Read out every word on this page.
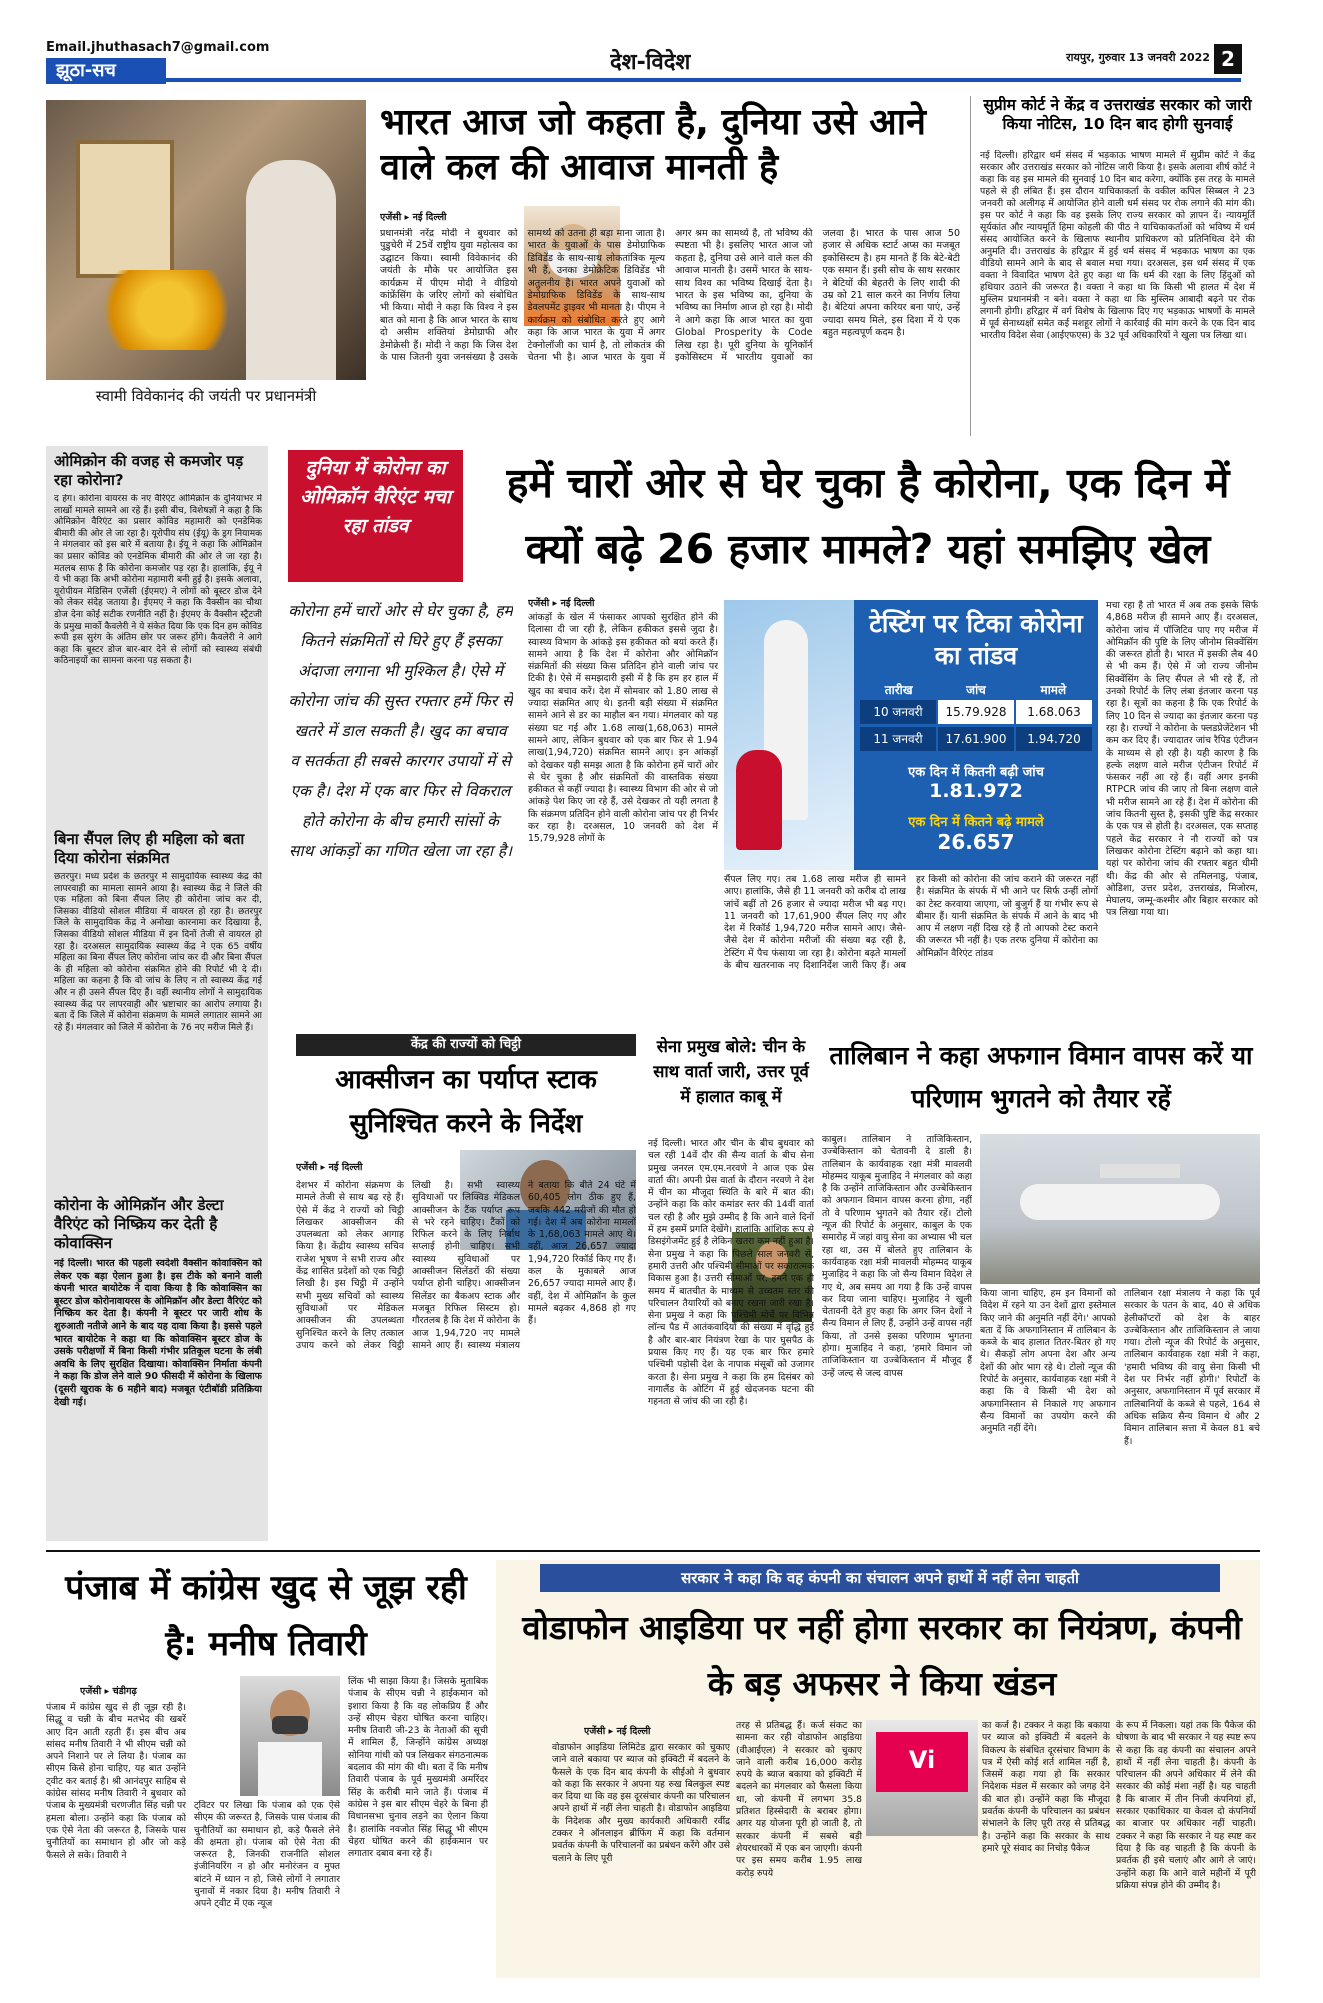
Email.jhuthasach7@gmail.com
झूठा-सच	देश-विदेश	रायपुर, गुरुवार 13 जनवरी 2022 2
स्वामी विवेकानंद की जयंती पर प्रधानमंत्री
भारत आज जो कहता है, दुनिया उसे आने वाले कल की आवाज मानती है
एजेंसी ▸ नई दिल्ली
प्रधानमंत्री नरेंद्र मोदी ने बुधवार को पुडुचेरी में 25वें राष्ट्रीय युवा महोत्सव का उद्घाटन किया। स्वामी विवेकानंद की जयंती के मौके पर आयोजित इस कार्यक्रम में पीएम मोदी ने वीडियो कांफ्रेंसिंग के जरिए लोगों को संबोधित भी किया। मोदी ने कहा कि विश्व ने इस बात को माना है कि आज भारत के साथ दो असीम शक्तियां डेमोग्राफी और डेमोक्रेसी हैं। मोदी ने कहा कि जिस देश के पास जितनी युवा जनसंख्या है उसके सामर्थ्य को उतना ही बड़ा माना जाता है। भारत के युवाओं के पास डेमोग्राफिक डिविडेंड के साथ-साथ लोकतांत्रिक मूल्य भी हैं, उनका डेमोक्रेटिक डिविडेंड भी अतुलनीय है। भारत अपने युवाओं को डेमोग्राफिक डिविडेंड के साथ-साथ डेवलपमेंट ड्राइवर भी मानता है। पीएम ने कार्यक्रम को संबोधित करते हुए आगे कहा कि आज भारत के युवा में अगर टेक्नोलॉजी का चार्म है, तो लोकतंत्र की चेतना भी है। आज भारत के युवा में अगर श्रम का सामर्थ्य है, तो भविष्य की स्पष्टता भी है। इसलिए भारत आज जो कहता है, दुनिया उसे आने वाले कल की आवाज मानती है। उसमें भारत के साथ-साथ विश्व का भविष्य दिखाई देता है। भारत के इस भविष्य का, दुनिया के भविष्य का निर्माण आज हो रहा है। मोदी ने आगे कहा कि आज भारत का युवा Global Prosperity के Code लिख रहा है। पूरी दुनिया के यूनिकॉर्न इकोसिस्टम में भारतीय युवाओं का जलवा है। भारत के पास आज 50 हजार से अधिक स्टार्ट अप्स का मजबूत इकोसिस्टम है। हम मानते हैं कि बेटे-बेटी एक समान हैं। इसी सोच के साथ सरकार ने बेटियों की बेहतरी के लिए शादी की उम्र को 21 साल करने का निर्णय लिया है। बेटियां अपना करियर बना पाएं, उन्हें ज्यादा समय मिले, इस दिशा में ये एक बहुत महत्वपूर्ण कदम है।
सुप्रीम कोर्ट ने केंद्र व उत्तराखंड सरकार को जारी किया नोटिस, 10 दिन बाद होगी सुनवाई
नई दिल्ली। हरिद्वार धर्म संसद में भड़काऊ भाषण मामले में सुप्रीम कोर्ट ने केंद्र सरकार और उत्तराखंड सरकार को नोटिस जारी किया है। इसके अलावा शीर्ष कोर्ट ने कहा कि वह इस मामले की सुनवाई 10 दिन बाद करेगा, क्योंकि इस तरह के मामले पहले से ही लंबित हैं। इस दौरान याचिकाकर्ता के वकील कपिल सिब्बल ने 23 जनवरी को अलीगढ़ में आयोजित होने वाली धर्म संसद पर रोक लगाने की मांग की। इस पर कोर्ट ने कहा कि वह इसके लिए राज्य सरकार को ज्ञापन दें। न्यायमूर्ति सूर्यकांत और न्यायमूर्ति हिमा कोहली की पीठ ने याचिकाकर्ताओं को भविष्य में धर्म संसद आयोजित करने के खिलाफ स्थानीय प्राधिकरण को प्रतिनिधित्व देने की अनुमति दी। उत्तराखंड के हरिद्वार में हुई धर्म संसद में भड़काऊ भाषण का एक वीडियो सामने आने के बाद से बवाल मचा गया। दरअसल, इस धर्म संसद में एक वक्ता ने विवादित भाषण देते हुए कहा था कि धर्म की रक्षा के लिए हिंदुओं को हथियार उठाने की जरूरत है। वक्ता ने कहा था कि किसी भी हालत में देश में मुस्लिम प्रधानमंत्री न बने। वक्ता ने कहा था कि मुस्लिम आबादी बढ़ने पर रोक लगानी होगी। हरिद्वार में वर्ग विशेष के खिलाफ दिए गए भड़काऊ भाषणों के मामले में पूर्व सेनाध्यक्षों समेत कई मशहूर लोगों ने कार्रवाई की मांग करने के एक दिन बाद भारतीय विदेश सेवा (आईएफएस) के 32 पूर्व अधिकारियों ने खुला पत्र लिखा था।
ओमिक्रोन की वजह से कमजोर पड़ रहा कोरोना?
द हेग। कोरोना वायरस के नए वैरिएंट ओमिक्रोन के दुनियाभर में लाखों मामले सामने आ रहे हैं। इसी बीच, विशेषज्ञों ने कहा है कि ओमिक्रोन वैरिएंट का प्रसार कोविड महामारी को एनडेमिक बीमारी की ओर ले जा रहा है। यूरोपीय संघ (ईयू) के ड्रग नियामक ने मंगलवार को इस बारे में बताया है। ईयू ने कहा कि ओमिक्रोन का प्रसार कोविड को एनडेमिक बीमारी की ओर ले जा रहा है। मतलब साफ है कि कोरोना कमजोर पड़ रहा है। हालांकि, ईयू ने ये भी कहा कि अभी कोरोना महामारी बनी हुई है। इसके अलावा, यूरोपीयन मेडिसिन एजेंसी (ईएमए) ने लोगों को बूस्टर डोज देने को लेकर संदेह जताया है। ईएमए ने कहा कि वैक्सीन का चौथा डोज देना कोई सटीक रणनीति नहीं है। ईएमए के वैक्सीन स्ट्रैटजी के प्रमुख मार्को कैवलेरी ने ये संकेत दिया कि एक दिन हम कोविड रूपी इस सुरंग के अंतिम छोर पर जरूर होंगे। कैवलेरी ने आगे कहा कि बूस्टर डोज बार-बार देने से लोगों को स्वास्थ्य संबंधी कठिनाइयों का सामना करना पड़ सकता है।
बिना सैंपल लिए ही महिला को बता दिया कोरोना संक्रमित
छतरपुर। मध्य प्रदेश के छतरपुर में सामुदायिक स्वास्थ्य केंद्र की लापरवाही का मामला सामने आया है। स्वास्थ्य केंद्र ने जिले की एक महिला को बिना सैंपल लिए ही कोरोना जांच कर दी, जिसका वीडियो सोशल मीडिया में वायरल हो रहा है। छतरपुर जिले के सामुदायिक केंद्र ने अनोखा कारनामा कर दिखाया है, जिसका वीडियो सोशल मीडिया में इन दिनों तेजी से वायरल हो रहा है। दरअसल सामुदायिक स्वास्थ्य केंद्र ने एक 65 वर्षीय महिला का बिना सैंपल लिए कोरोना जांच कर दी और बिना सैंपल के ही महिला को कोरोना संक्रमित होने की रिपोर्ट भी दे दी। महिला का कहना है कि वो जांच के लिए न तो स्वास्थ्य केंद्र गई और न ही उसने सैंपल दिए हैं। वहीं स्थानीय लोगों ने सामुदायिक स्वास्थ्य केंद्र पर लापरवाही और भ्रष्टाचार का आरोप लगाया है। बता दें कि जिले में कोरोना संक्रमण के मामले लगातार सामने आ रहे हैं। मंगलवार को जिले में कोरोना के 76 नए मरीज मिले हैं।
कोरोना के ओमिक्रॉन और डेल्टा वैरिएंट को निष्क्रिय कर देती है कोवाक्सिन
नई दिल्ली। भारत की पहली स्वदेशी वैक्सीन कोवाक्सिन को लेकर एक बड़ा ऐलान हुआ है। इस टीके को बनाने वाली कंपनी भारत बायोटेक ने दावा किया है कि कोवाक्सिन का बूस्टर डोज कोरोनावायरस के ओमिक्रॉन और डेल्टा वैरिएंट को निष्क्रिय कर देता है। कंपनी ने बूस्टर पर जारी शोध के शुरुआती नतीजे आने के बाद यह दावा किया है। इससे पहले भारत बायोटेक ने कहा था कि कोवाक्सिन बूस्टर डोज के उसके परीक्षणों में बिना किसी गंभीर प्रतिकूल घटना के लंबी अवधि के लिए सुरक्षित दिखाया। कोवाक्सिन निर्माता कंपनी ने कहा कि डोज लेने वाले 90 फीसदी में कोरोना के खिलाफ (दूसरी खुराक के 6 महीने बाद) मजबूत एंटीबॉडी प्रतिक्रिया देखी गई।
दुनिया में कोरोना का ओमिक्रॉन वैरिएंट मचा रहा तांडव
हमें चारों ओर से घेर चुका है कोरोना, एक दिन में क्यों बढ़े 26 हजार मामले? यहां समझिए खेल
कोरोना हमें चारों ओर से घेर चुका है, हम कितने संक्रमितों से घिरे हुए हैं इसका अंदाजा लगाना भी मुश्किल है। ऐसे में कोरोना जांच की सुस्त रफ्तार हमें फिर से खतरे में डाल सकती है। खुद का बचाव व सतर्कता ही सबसे कारगर उपायों में से एक है। देश में एक बार फिर से विकराल होते कोरोना के बीच हमारी सांसों के साथ आंकड़ों का गणित खेला जा रहा है।
एजेंसी ▸ नई दिल्ली
आंकड़ों के खेल में फंसाकर आपको सुरक्षित होने की दिलासा दी जा रही है, लेकिन हकीकत इससे जुदा है। स्वास्थ्य विभाग के आंकड़े इस हकीकत को बयां करते हैं। सामने आया है कि देश में कोरोना और ओमिक्रॉन संक्रमितों की संख्या किस प्रतिदिन होने वाली जांच पर टिकी है। ऐसे में समझदारी इसी में है कि हम हर हाल में खुद का बचाव करें। देश में सोमवार को 1.80 लाख से ज्यादा संक्रमित आए थे। इतनी बड़ी संख्या में संक्रमित सामने आने से डर का माहौल बन गया। मंगलवार को यह संख्या घट गई और 1.68 लाख(1,68,063) मामले सामने आए, लेकिन बुधवार को एक बार फिर से 1.94 लाख(1,94,720) संक्रमित सामने आए। इन आंकड़ों को देखकर यही समझ आता है कि कोरोना हमें चारों ओर से घेर चुका है और संक्रमितों की वास्तविक संख्या हकीकत से कहीं ज्यादा है। स्वास्थ्य विभाग की ओर से जो आंकड़े पेश किए जा रहे हैं, उसे देखकर तो यही लगता है कि संक्रमण प्रतिदिन होने वाली कोरोना जांच पर ही निर्भर कर रहा है। दरअसल, 10 जनवरी को देश में 15,79,928 लोगों के
टेस्टिंग पर टिका कोरोना का तांडव
तारीख	जांच	मामले
10 जनवरी	15.79.928	1.68.063
11 जनवरी	17.61.900	1.94.720
एक दिन में कितनी बढ़ी जांच
1.81.972
एक दिन में कितने बढ़े मामले
26.657
सैंपल लिए गए। तब 1.68 लाख मरीज ही सामने आए। हालांकि, जैसे ही 11 जनवरी को करीब दो लाख जांचें बढ़ीं तो 26 हजार से ज्यादा मरीज भी बढ़ गए। 11 जनवरी को 17,61,900 सैंपल लिए गए और देश में रिकॉर्ड 1,94,720 मरीज सामने आए। जैसे-जैसे देश में कोरोना मरीजों की संख्या बढ़ रही है, टेस्टिंग में पैच फंसाया जा रहा है। कोरोना बढ़ते मामलों के बीच खतरनाक नए दिशानिर्देश जारी किए हैं। अब हर किसी को कोरोना की जांच कराने की जरूरत नहीं है। संक्रमित के संपर्क में भी आने पर सिर्फ उन्हीं लोगों का टेस्ट करवाया जाएगा, जो बुजुर्ग हैं या गंभीर रूप से बीमार हैं। यानी संक्रमित के संपर्क में आने के बाद भी आप में लक्षण नहीं दिख रहे हैं तो आपको टेस्ट कराने की जरूरत भी नहीं है। एक तरफ दुनिया में कोरोना का ओमिक्रॉन वैरिएंट तांडव
मचा रहा है तो भारत में अब तक इसके सिर्फ 4,868 मरीज ही सामने आए हैं। दरअसल, कोरोना जांच में पॉजिटिव पाए गए मरीज में ओमिक्रॉन की पुष्टि के लिए जीनोम सिक्वेंसिंग की जरूरत होती है। भारत में इसकी लैब 40 से भी कम हैं। ऐसे में जो राज्य जीनोम सिक्वेंसिंग के लिए सैंपल ले भी रहे हैं, तो उनको रिपोर्ट के लिए लंबा इंतजार करना पड़ रहा है। सूत्रों का कहना है कि एक रिपोर्ट के लिए 10 दिन से ज्यादा का इंतजार करना पड़ रहा है। राज्यों ने कोरोना के फ्लडप्रेजेंटेशन भी कम कर दिए हैं। ज्यादातर जांच रैपिड एंटीजन के माध्यम से हो रही है। यही कारण है कि हल्के लक्षण वाले मरीज एंटीजन रिपोर्ट में फंसकर नहीं आ रहे हैं। वहीं अगर इनकी RTPCR जांच की जाए तो बिना लक्षण वाले भी मरीज सामने आ रहे हैं। देश में कोरोना की जांच कितनी सुस्त है, इसकी पुष्टि केंद्र सरकार के एक पत्र से होती है। दरअसल, एक सप्ताह पहले केंद्र सरकार ने नौ राज्यों को पत्र लिखकर कोरोना टेस्टिंग बढ़ाने को कहा था। यहां पर कोरोना जांच की रफ्तार बहुत धीमी थी। केंद्र की ओर से तमिलनाडु, पंजाब, ओडिशा, उत्तर प्रदेश, उत्तराखंड, मिजोरम, मेघालय, जम्मू-कश्मीर और बिहार सरकार को पत्र लिखा गया था।
केंद्र की राज्यों को चिट्ठी
आक्सीजन का पर्याप्त स्टाक सुनिश्चित करने के निर्देश
एजेंसी ▸ नई दिल्ली
देशभर में कोरोना संक्रमण के मामले तेजी से साथ बढ़ रहे हैं। ऐसे में केंद्र ने राज्यों को चिट्ठी लिखकर आक्सीजन की उपलब्धता को लेकर आगाह किया है। केंद्रीय स्वास्थ्य सचिव राजेश भूषण ने सभी राज्य और केंद्र शासित प्रदेशों को एक चिट्ठी लिखी है। इस चिट्ठी में उन्होंने सभी मुख्य सचिवों को स्वास्थ्य सुविधाओं पर मेडिकल आक्सीजन की उपलब्धता सुनिश्चित करने के लिए तत्काल उपाय करने को लेकर चिट्ठी लिखी है। सभी स्वास्थ्य सुविधाओं पर लिक्विड मेडिकल आक्सीजन के टैंक पर्याप्त रूप से भरे रहने चाहिए। टैंकों को रिफिल करने के लिए निर्बाध सप्लाई होनी चाहिए। सभी स्वास्थ्य सुविधाओं पर आक्सीजन सिलेंडरों की संख्या पर्याप्त होनी चाहिए। आक्सीजन सिलेंडर का बैकअप स्टाक और मजबूत रिफिल सिस्टम हो। गौरतलब है कि देश में कोरोना के आज 1,94,720 नए मामले सामने आए हैं। स्वास्थ्य मंत्रालय ने बताया कि बीते 24 घंटे में 60,405 लोग ठीक हुए हैं, जबकि 442 मरीजों की मौत हो गई। देश में अब कोरोना मामलों के 1,68,063 मामले आए थे। वहीं, आज 26,657 ज्यादा 1,94,720 रिकॉर्ड किए गए हैं। कल के मुकाबले आज 26,657 ज्यादा मामले आए हैं। वहीं, देश में ओमिक्रॉन के कुल मामले बढ़कर 4,868 हो गए हैं।
सेना प्रमुख बोले: चीन के साथ वार्ता जारी, उत्तर पूर्व में हालात काबू में
नई दिल्ली। भारत और चीन के बीच बुधवार को चल रही 14वें दौर की सैन्य वार्ता के बीच सेना प्रमुख जनरल एम.एम.नरवणे ने आज एक प्रेस वार्ता की। अपनी प्रेस वार्ता के दौरान नरवणे ने देश में चीन का मौजूदा स्थिति के बारे में बात की। उन्होंने कहा कि कोर कमांडर स्तर की 14वीं वार्ता चल रही है और मुझे उम्मीद है कि आने वाले दिनों में हम इसमें प्रगति देखेंगे। हालांकि आंशिक रूप से डिसइंगेजमेंट हुई है लेकिन खतरा कम नहीं हुआ है। सेना प्रमुख ने कहा कि पिछले साल जनवरी से, हमारी उत्तरी और पश्चिमी सीमाओं पर सकारात्मक विकास हुआ है। उत्तरी सीमाओं पर, हमने एक ही समय में बातचीत के माध्यम से उच्चतम स्तर की परिचालन तैयारियों को बनाए रखना जारी रखा है। सेना प्रमुख ने कहा कि पश्चिमी मोर्चे पर विभिन्न लॉन्च पैड में आतंकवादियों की संख्या में वृद्धि हुई है और बार-बार नियंत्रण रेखा के पार घुसपैठ के प्रयास किए गए हैं। यह एक बार फिर हमारे पश्चिमी पड़ोसी देश के नापाक मंसूबों को उजागर करता है। सेना प्रमुख ने कहा कि हम दिसंबर को नागालैंड के ओटिंग में हुई खेदजनक घटना की गहनता से जांच की जा रही है।
तालिबान ने कहा अफगान विमान वापस करें या परिणाम भुगतने को तैयार रहें
काबुल। तालिबान ने ताजिकिस्तान, उज्बेकिस्तान को चेतावनी दे डाली है। तालिबान के कार्यवाहक रक्षा मंत्री मावलवी मोहम्मद याकूब मुजाहिद ने मंगलवार को कहा है कि उन्होंने ताजिकिस्तान और उज्बेकिस्तान को अफगान विमान वापस करना होगा, नहीं तो वे परिणाम भुगतने को तैयार रहें। टोलो न्यूज की रिपोर्ट के अनुसार, काबुल के एक समारोह में जहां वायु सेना का अभ्यास भी चल रहा था, उस में बोलते हुए तालिबान के कार्यवाहक रक्षा मंत्री मावलवी मोहम्मद याकूब मुजाहिद ने कहा कि जो सैन्य विमान विदेश ले गए थे, अब समय आ गया है कि उन्हें वापस कर दिया जाना चाहिए। मुजाहिद ने खुली चेतावनी देते हुए कहा कि अगर जिन देशों ने सैन्य विमान ले लिए हैं, उन्होंने उन्हें वापस नहीं किया, तो उनसे इसका परिणाम भुगतना होगा। मुजाहिद ने कहा, 'हमारे विमान जो ताजिकिस्तान या उज्बेकिस्तान में मौजूद हैं उन्हें जल्द से जल्द वापस
किया जाना चाहिए, हम इन विमानों को विदेश में रहने या उन देशों द्वारा इस्तेमाल किए जाने की अनुमति नहीं देंगे।' आपको बता दें कि अफगानिस्तान में तालिबान के कब्जे के बाद हालात तितर-बितर हो गए थे। सैकड़ों लोग अपना देश और अन्य देशों की ओर भाग रहे थे। टोलो न्यूज की रिपोर्ट के अनुसार, कार्यवाहक रक्षा मंत्री ने कहा कि वे किसी भी देश को अफगानिस्तान से निकाले गए अफगान सैन्य विमानों का उपयोग करने की अनुमति नहीं देंगे।
तालिबान रक्षा मंत्रालय ने कहा कि पूर्व सरकार के पतन के बाद, 40 से अधिक हेलीकॉप्टरों को देश के बाहर उज्बेकिस्तान और ताजिकिस्तान ले जाया गया। टोलो न्यूज की रिपोर्ट के अनुसार, तालिबान कार्यवाहक रक्षा मंत्री ने कहा, 'हमारी भविष्य की वायु सेना किसी भी देश पर निर्भर नहीं होगी।' रिपोर्टों के अनुसार, अफगानिस्तान में पूर्व सरकार में तालिबानियों के कब्जे से पहले, 164 से अधिक सक्रिय सैन्य विमान थे और 2 विमान तालिबान सत्ता में केवल 81 बचे हैं।
पंजाब में कांग्रेस खुद से जूझ रही है: मनीष तिवारी
एजेंसी ▸ चंडीगढ़
पंजाब में कांग्रेस खुद से ही जूझ रही है। सिद्धू व चन्नी के बीच मतभेद की खबरें आए दिन आती रहती हैं। इस बीच अब सांसद मनीष तिवारी ने भी सीएम चन्नी को अपने निशाने पर ले लिया है। पंजाब का सीएम किसे होना चाहिए, यह बात उन्होंने ट्वीट कर बताई है। श्री आनंदपुर साहिब से कांग्रेस सांसद मनीष तिवारी ने बुधवार को पंजाब के मुख्यमंत्री चरणजीत सिंह चन्नी पर हमला बोला। उन्होंने कहा कि पंजाब को एक ऐसे नेता की जरूरत है, जिसके पास चुनौतियों का समाधान हो और जो कड़े फैसले ले सके। तिवारी ने
ट्विटर पर लिखा कि पंजाब को एक ऐसे सीएम की जरूरत है, जिसके पास पंजाब की चुनौतियों का समाधान हो, कड़े फैसले लेने की क्षमता हो। पंजाब को ऐसे नेता की जरूरत है, जिनकी राजनीति सोशल इंजीनियरिंग न हो और मनोरंजन व मुफ्त बांटने में ध्यान न हो, जिसे लोगों ने लगातार चुनावों में नकार दिया है। मनीष तिवारी ने अपने ट्वीट में एक न्यूज
लिंक भी साझा किया है। जिसके मुताबिक पंजाब के सीएम चन्नी ने हाईकमान को इशारा किया है कि वह लोकप्रिय हैं और उन्हें सीएम चेहरा घोषित करना चाहिए। मनीष तिवारी जी-23 के नेताओं की सूची में शामिल हैं, जिन्होंने कांग्रेस अध्यक्ष सोनिया गांधी को पत्र लिखकर संगठनात्मक बदलाव की मांग की थी। बता दें कि मनीष तिवारी पंजाब के पूर्व मुख्यमंत्री अमरिंदर सिंह के करीबी माने जाते हैं। पंजाब में कांग्रेस ने इस बार सीएम चेहरे के बिना ही विधानसभा चुनाव लड़ने का ऐलान किया है। हालांकि नवजोत सिंह सिद्धू भी सीएम चेहरा घोषित करने की हाईकमान पर लगातार दबाव बना रहे हैं।
सरकार ने कहा कि वह कंपनी का संचालन अपने हाथों में नहीं लेना चाहती
वोडाफोन आइडिया पर नहीं होगा सरकार का नियंत्रण, कंपनी के बड़ अफसर ने किया खंडन
एजेंसी ▸ नई दिल्ली
वोडाफोन आइडिया लिमिटेड द्वारा सरकार को चुकाए जाने वाले बकाया पर ब्याज को इक्विटी में बदलने के फैसले के एक दिन बाद कंपनी के सीईओ ने बुधवार को कहा कि सरकार ने अपना यह रुख बिलकुल स्पष्ट कर दिया था कि वह इस दूरसंचार कंपनी का परिचालन अपने हाथों में नहीं लेना चाहती है। वोडाफोन आइडिया के निदेशक और मुख्य कार्यकारी अधिकारी रवींद्र टक्कर ने ऑनलाइन ब्रीफिंग में कहा कि वर्तमान प्रवर्तक कंपनी के परिचालनों का प्रबंधन करेंगे और उसे चलाने के लिए पूरी
तरह से प्रतिबद्ध हैं। कर्ज संकट का सामना कर रही वोडाफोन आइडिया (वीआईएल) ने सरकार को चुकाए जाने वाली करीब 16,000 करोड़ रुपये के ब्याज बकाया को इक्विटी में बदलने का मंगलवार को फैसला किया था, जो कंपनी में लगभग 35.8 प्रतिशत हिस्सेदारी के बराबर होगा। अगर यह योजना पूरी हो जाती है, तो सरकार कंपनी में सबसे बड़ी शेयरधारकों में एक बन जाएगी। कंपनी पर इस समय करीब 1.95 लाख करोड़ रुपये
Vi
का कर्ज है। टक्कर ने कहा कि बकाया पर ब्याज को इक्विटी में बदलने के विकल्प के संबंधित दूरसंचार विभाग के पत्र में ऐसी कोई शर्त शामिल नहीं है, जिसमें कहा गया हो कि सरकार निदेशक मंडल में सरकार को जगह देने की बात हो। उन्होंने कहा कि मौजूदा प्रवर्तक कंपनी के परिचालन का प्रबंधन संभालने के लिए पूरी तरह से प्रतिबद्ध है। उन्होंने कहा कि सरकार के साथ हमारे पूरे संवाद का निचोड़ पैकेज
के रूप में निकला। यहां तक कि पैकेज की घोषणा के बाद भी सरकार ने यह स्पष्ट रूप से कहा कि वह कंपनी का संचालन अपने हाथों में नहीं लेना चाहती है। कंपनी के परिचालन की अपने अधिकार में लेने की सरकार की कोई मंशा नहीं है। यह चाहती है कि बाजार में तीन निजी कंपनियां हों, सरकार एकाधिकार या केवल दो कंपनियों का बाजार पर अधिकार नहीं चाहती। टक्कर ने कहा कि सरकार ने यह स्पष्ट कर दिया है कि वह चाहती है कि कंपनी के प्रवर्तक ही इसे चलाएं और आगे ले जाएं। उन्होंने कहा कि आने वाले महीनों में पूरी प्रक्रिया संपन्न होने की उम्मीद है।
